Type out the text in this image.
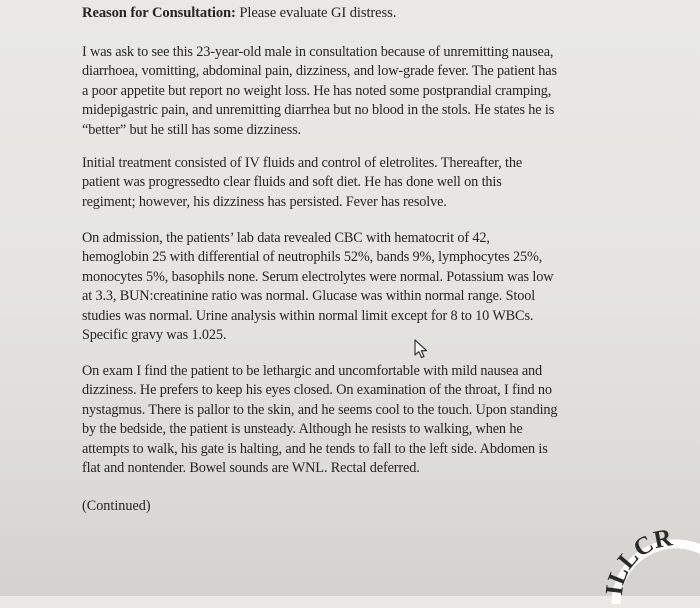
Reason for Consultation: Please evaluate GI distress.
I was ask to see this 23-year-old male in consultation because of unremitting nausea,
diarrhoea, vomitting, abdominal pain, dizziness, and low-grade fever. The patient has
a poor appetite but report no weight loss. He has noted some postprandial cramping,
midepigastric pain, and unremitting diarrhea but no blood in the stols. He states he is
“better” but he still has some dizziness.
Initial treatment consisted of IV fluids and control of eletrolites. Thereafter, the
patient was progressedto clear fluids and soft diet. He has done well on this
regiment; however, his dizziness has persisted. Fever has resolve.
On admission, the patients’ lab data revealed CBC with hematocrit of 42,
hemoglobin 25 with differential of neutrophils 52%, bands 9%, lymphocytes 25%,
monocytes 5%, basophils none. Serum electrolytes were normal. Potassium was low
at 3.3, BUN:creatinine ratio was normal. Glucase was within normal range. Stool
studies was normal. Urine analysis within normal limit except for 8 to 10 WBCs.
Specific gravy was 1.025.
On exam I find the patient to be lethargic and uncomfortable with mild nausea and
dizziness. He prefers to keep his eyes closed. On examination of the throat, I find no
nystagmus. There is pallor to the skin, and he seems cool to the touch. Upon standing
by the bedside, the patient is unsteady. Although he resists to walking, when he
attempts to walk, his gate is halting, and he tends to fall to the left side. Abdomen is
flat and nontender. Bowel sounds are WNL. Rectal deferred.
(Continued)
ILLCR
